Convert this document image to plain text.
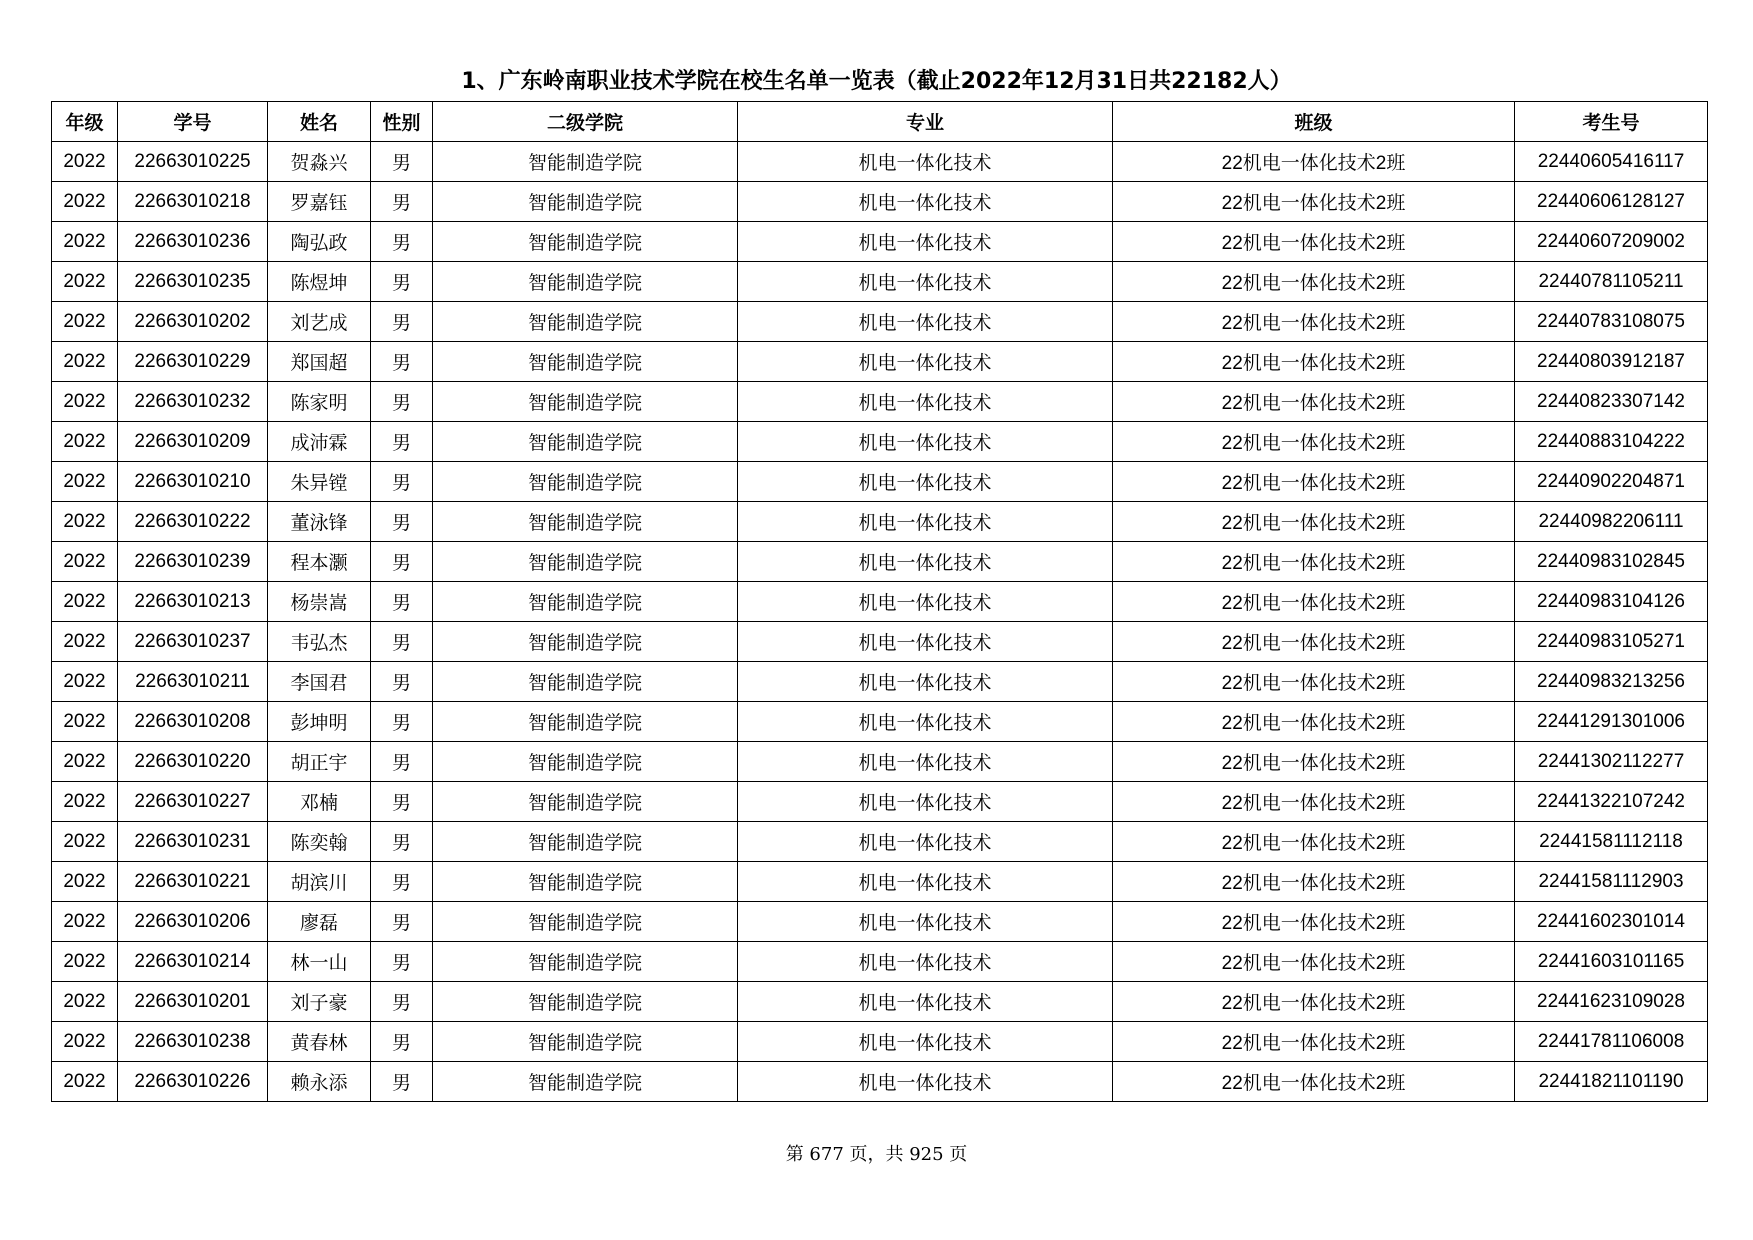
1、广东岭南职业技术学院在校生名单一览表（截止2022年12月31日共22182人）
年级	学号	姓名	性别	二级学院	专业	班级	考生号
2022	22663010225	贺淼兴	男	智能制造学院	机电一体化技术	22机电一体化技术2班	22440605416117
2022	22663010218	罗嘉钰	男	智能制造学院	机电一体化技术	22机电一体化技术2班	22440606128127
2022	22663010236	陶弘政	男	智能制造学院	机电一体化技术	22机电一体化技术2班	22440607209002
2022	22663010235	陈煜坤	男	智能制造学院	机电一体化技术	22机电一体化技术2班	22440781105211
2022	22663010202	刘艺成	男	智能制造学院	机电一体化技术	22机电一体化技术2班	22440783108075
2022	22663010229	郑国超	男	智能制造学院	机电一体化技术	22机电一体化技术2班	22440803912187
2022	22663010232	陈家明	男	智能制造学院	机电一体化技术	22机电一体化技术2班	22440823307142
2022	22663010209	成沛霖	男	智能制造学院	机电一体化技术	22机电一体化技术2班	22440883104222
2022	22663010210	朱异镗	男	智能制造学院	机电一体化技术	22机电一体化技术2班	22440902204871
2022	22663010222	董泳锋	男	智能制造学院	机电一体化技术	22机电一体化技术2班	22440982206111
2022	22663010239	程本灏	男	智能制造学院	机电一体化技术	22机电一体化技术2班	22440983102845
2022	22663010213	杨崇嵩	男	智能制造学院	机电一体化技术	22机电一体化技术2班	22440983104126
2022	22663010237	韦弘杰	男	智能制造学院	机电一体化技术	22机电一体化技术2班	22440983105271
2022	22663010211	李国君	男	智能制造学院	机电一体化技术	22机电一体化技术2班	22440983213256
2022	22663010208	彭坤明	男	智能制造学院	机电一体化技术	22机电一体化技术2班	22441291301006
2022	22663010220	胡正宇	男	智能制造学院	机电一体化技术	22机电一体化技术2班	22441302112277
2022	22663010227	邓楠	男	智能制造学院	机电一体化技术	22机电一体化技术2班	22441322107242
2022	22663010231	陈奕翰	男	智能制造学院	机电一体化技术	22机电一体化技术2班	22441581112118
2022	22663010221	胡滨川	男	智能制造学院	机电一体化技术	22机电一体化技术2班	22441581112903
2022	22663010206	廖磊	男	智能制造学院	机电一体化技术	22机电一体化技术2班	22441602301014
2022	22663010214	林一山	男	智能制造学院	机电一体化技术	22机电一体化技术2班	22441603101165
2022	22663010201	刘子豪	男	智能制造学院	机电一体化技术	22机电一体化技术2班	22441623109028
2022	22663010238	黄春林	男	智能制造学院	机电一体化技术	22机电一体化技术2班	22441781106008
2022	22663010226	赖永添	男	智能制造学院	机电一体化技术	22机电一体化技术2班	22441821101190
第 677 页，共 925 页
